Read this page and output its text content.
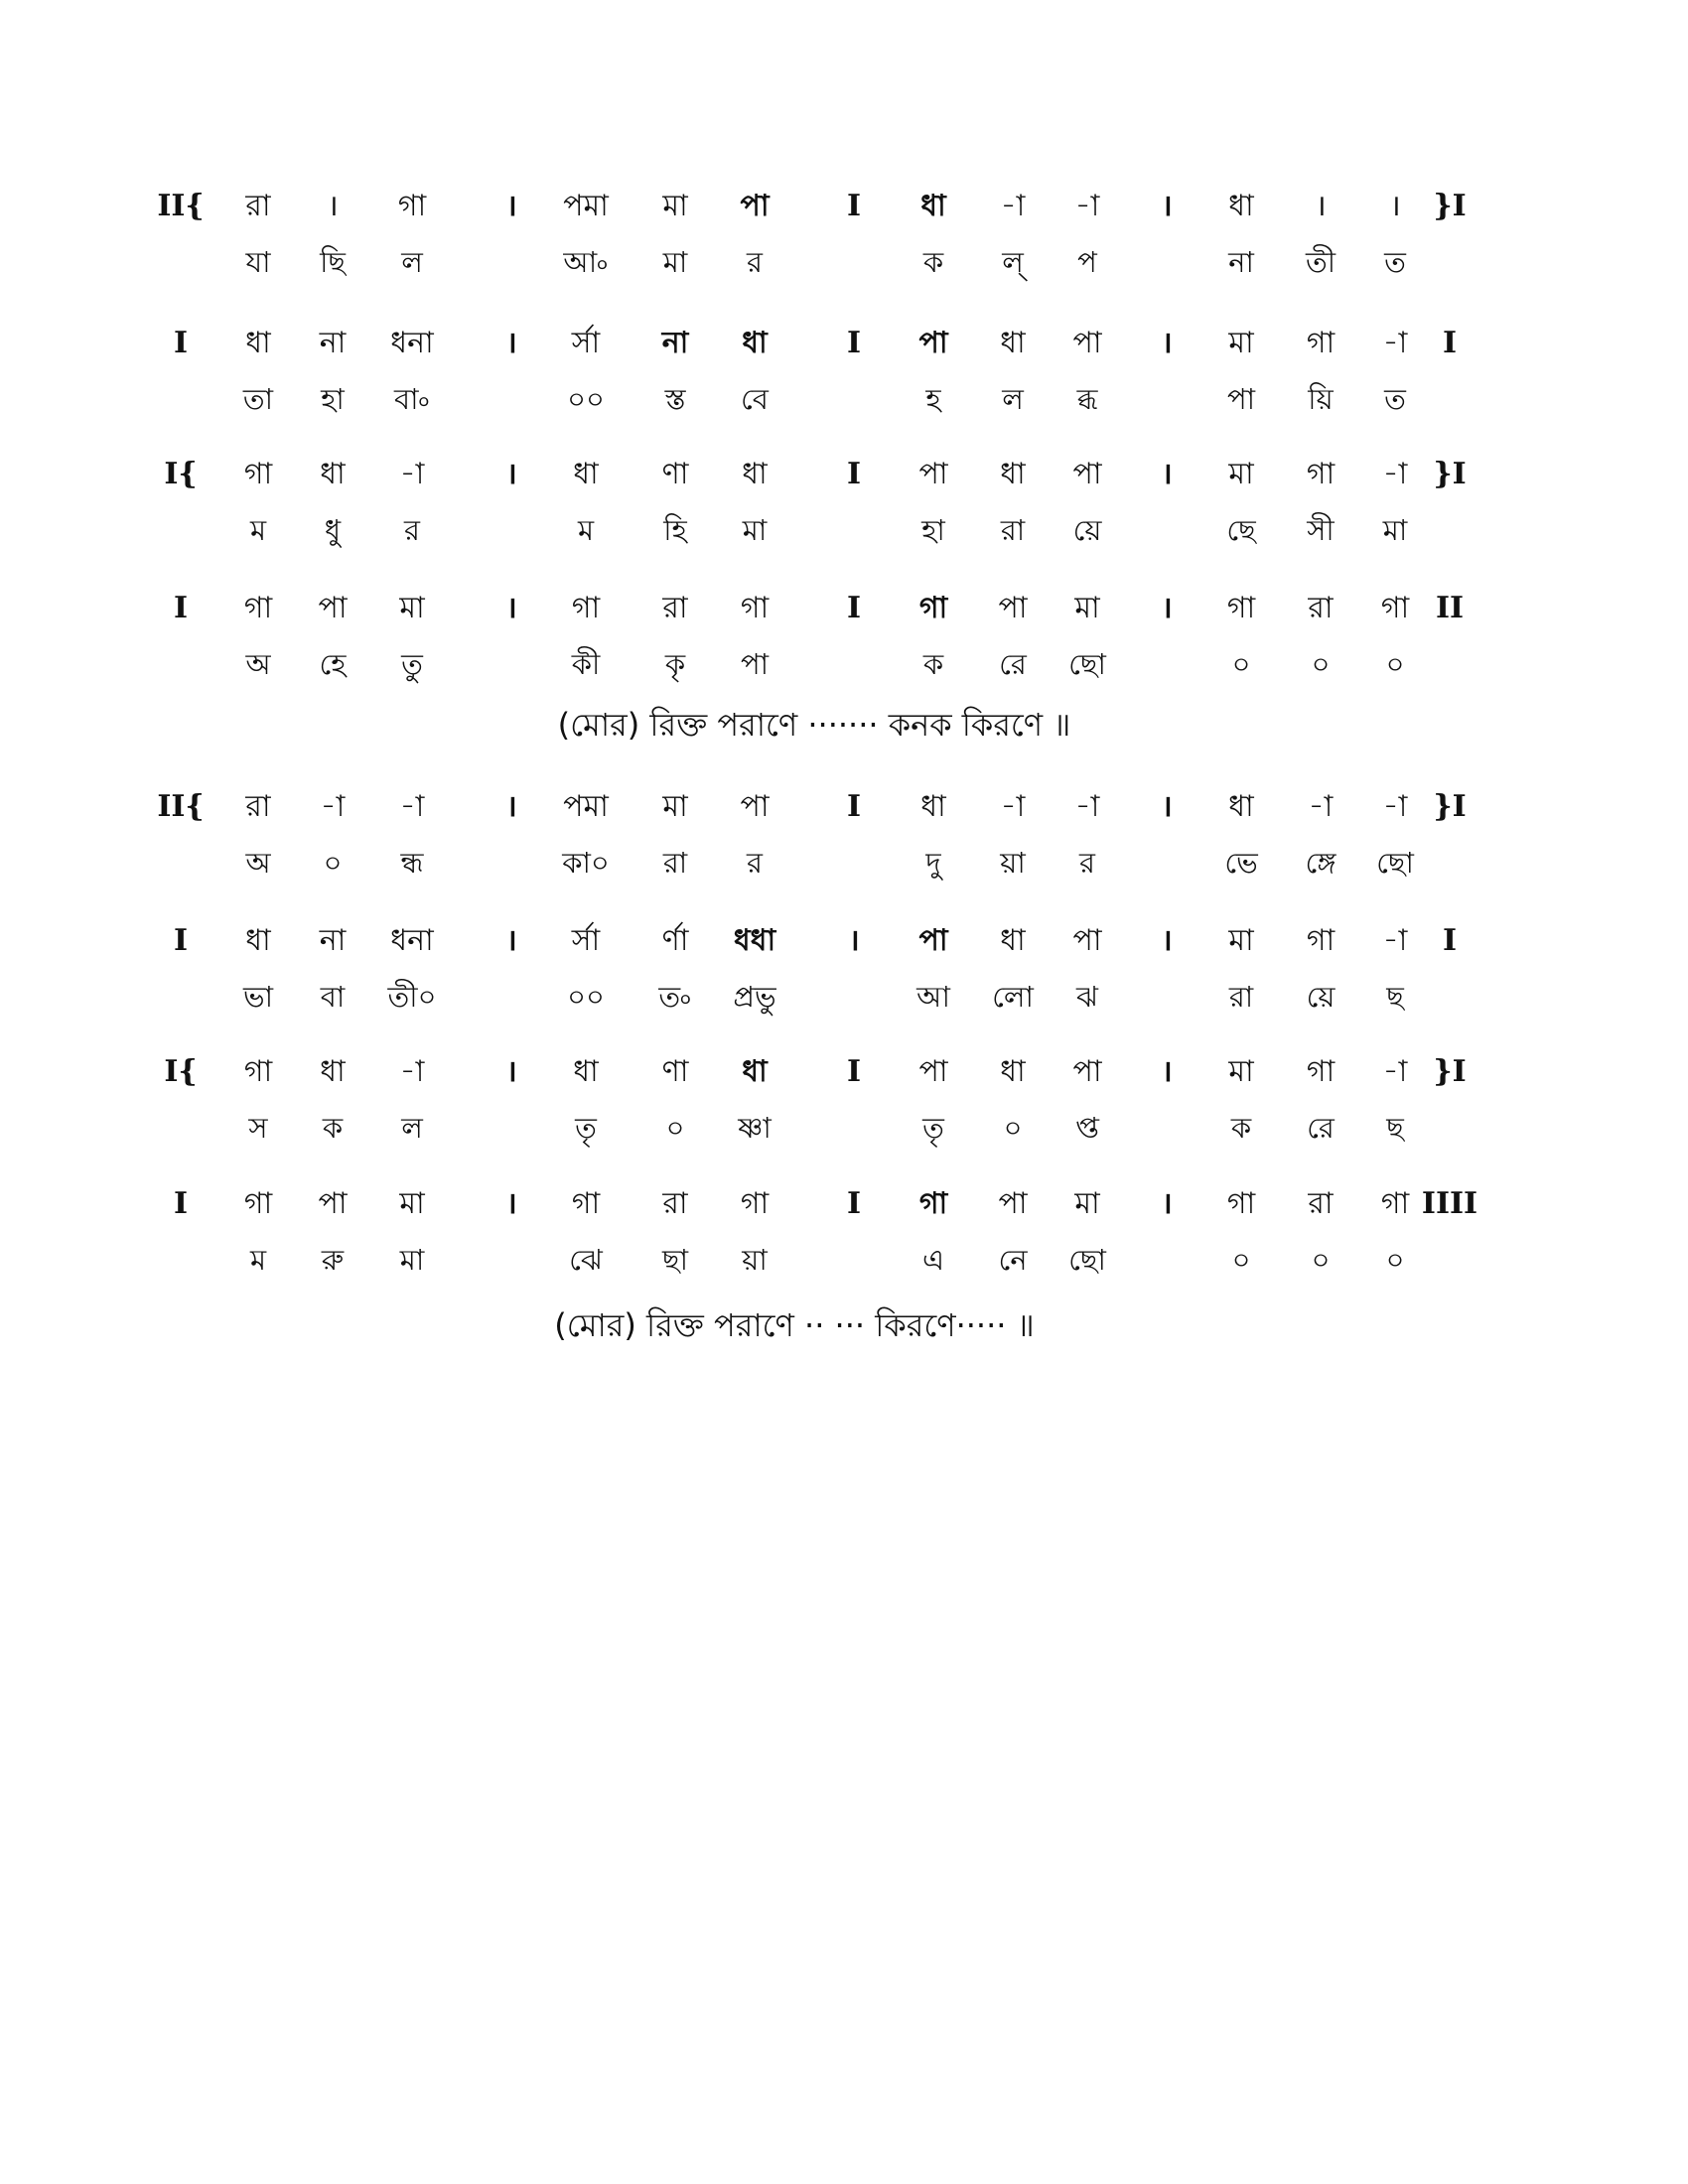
II{ রা । গা	। পমা মা পা	I ধা -া -া । ধা । । }I
যা ছি ল	আ৹ মা র	ক ল্ প	না তী ত
I ধা না ধনা । র্সা না ধা	I পা ধা পা । মা গা -া I
তা হা বা৹	০০ স্ত বে	হ ল ব্ধ	পা য়ি ত
I{ গা ধা -া	। ধা ণা ধা	I পা ধা পা । মা গা -া }I
ম ধু র	ম হি মা	হা রা য়ে	ছে সী মা
I গা পা মা	। গা রা গা	I গা পা মা । গা রা গা II
অ হে তু	কী কৃ পা	ক রে ছো	০ ০ ০
II{ রা -া -া	। পমা মা পা	I ধা -া -া । ধা -া -া }I
অ ০ ন্ধ	কা০ রা র	দু য়া র	ভে ঙ্গে ছো
I ধা না ধনা । র্সা র্ণা ধধা । পা ধা পা । মা গা -া I
ভা বা তী০	০০ ত৹ প্রভু	আ লো ঝ	রা য়ে ছ
I{ গা ধা -া	। ধা ণা ধা	I পা ধা পা । মা গা -া }I
স ক ল	তৃ ০ ষ্ণা	তৃ ০ প্ত	ক রে ছ
I গা পা মা	। গা রা গা	I গা পা মা । গা রা গা IIII
ম রু মা	ঝে ছা য়া	এ নে ছো	০ ০ ০
(মোর) রিক্ত পরাণে ······· কনক কিরণে ॥
(মোর) রিক্ত পরাণে ·· ··· কিরণে····· ॥
